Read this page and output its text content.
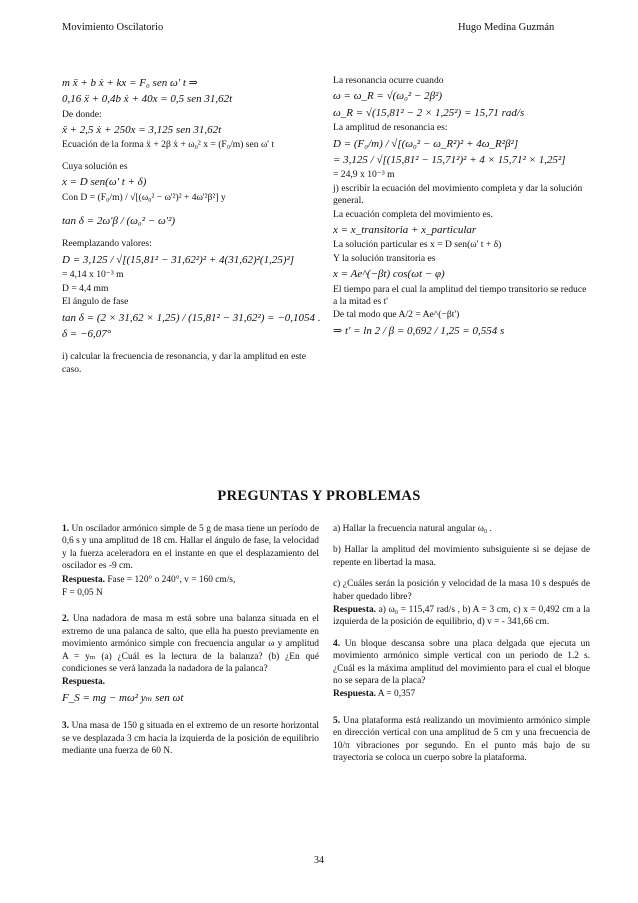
Movimiento Oscilatorio	Hugo Medina Guzmán
m ẍ + b ẋ + kx = F₀ sen ω' t ⇒
0,16 ẍ + 0,4b ẋ + 40x = 0,5 sen 31,62t
De donde:
ẍ + 2,5 ẋ + 250x = 3,125 sen 31,62t
Ecuación de la forma ẍ + 2β ẋ + ω₀² x = (F₀/m) sen ω' t
Cuya solución es
x = D sen(ω' t + δ)
Con D = (F₀/m) / √[(ω₀² − ω'²)² + 4ω'²β²] y
tan δ = 2ω'β / (ω₀² − ω'²)
Reemplazando valores:
D = 3,125 / √[(15,81² − 31,62²)² + 4(31,62)²(1,25)²]
= 4,14 x 10⁻³ m
D = 4,4 mm
El ángulo de fase
tan δ = (2 × 31,62 × 1,25) / (15,81² − 31,62²) = −0,1054 .
δ = −6,07°
i) calcular la frecuencia de resonancia, y dar la amplitud en este caso.
La resonancia ocurre cuando
ω = ω_R = √(ω₀² − 2β²)
ω_R = √(15,81² − 2 × 1,25²) = 15,71 rad/s
La amplitud de resonancia es:
D = (F₀/m) / √[(ω₀² − ω_R²)² + 4ω_R²β²]
= 3,125 / √[(15,81² − 15,71²)² + 4 × 15,71² × 1,25²]
= 24,9 x 10⁻³ m
j) escribir la ecuación del movimiento completa y dar la solución general.
La ecuación completa del movimiento es.
x = x_transitoria + x_particular
La solución particular es x = D sen(ω' t + δ)
Y la solución transitoria es
x = Ae^(−βt) cos(ωt − φ)
El tiempo para el cual la amplitud del tiempo transitorio se reduce a la mitad es t'
De tal modo que A/2 = Ae^(−βt')
⇒ t' = ln 2 / β = 0,692 / 1,25 = 0,554 s
PREGUNTAS Y PROBLEMAS
1. Un oscilador armónico simple de 5 g de masa tiene un período de 0,6 s y una amplitud de 18 cm. Hallar el ángulo de fase, la velocidad y la fuerza aceleradora en el instante en que el desplazamiento del oscilador es -9 cm.
Respuesta. Fase = 120° o 240°, v = 160 cm/s,
F = 0,05 N
2. Una nadadora de masa m está sobre una balanza situada en el extremo de una palanca de salto, que ella ha puesto previamente en movimiento armónico simple con frecuencia angular ω y amplitud A = yₘ (a) ¿Cuál es la lectura de la balanza? (b) ¿En qué condiciones se verá lanzada la nadadora de la palanca?
Respuesta.
F_S = mg − mω² yₘ sen ωt
3. Una masa de 150 g situada en el extremo de un resorte horizontal se ve desplazada 3 cm hacia la izquierda de la posición de equilibrio mediante una fuerza de 60 N.
a) Hallar la frecuencia natural angular ω₀ .
b) Hallar la amplitud del movimiento subsiguiente si se dejase de repente en libertad la masa.
c) ¿Cuáles serán la posición y velocidad de la masa 10 s después de haber quedado libre?
Respuesta. a) ω₀ = 115,47 rad/s , b) A = 3 cm, c) x = 0,492 cm a la izquierda de la posición de equilibrio, d) v = - 341,66 cm.
4. Un bloque descansa sobre una placa delgada que ejecuta un movimiento armónico simple vertical con un periodo de 1.2 s. ¿Cuál es la máxima amplitud del movimiento para el cual el bloque no se separa de la placa?
Respuesta. A = 0,357
5. Una plataforma está realizando un movimiento armónico simple en dirección vertical con una amplitud de 5 cm y una frecuencia de 10/π vibraciones por segundo. En el punto más bajo de su trayectoria se coloca un cuerpo sobre la plataforma.
34
